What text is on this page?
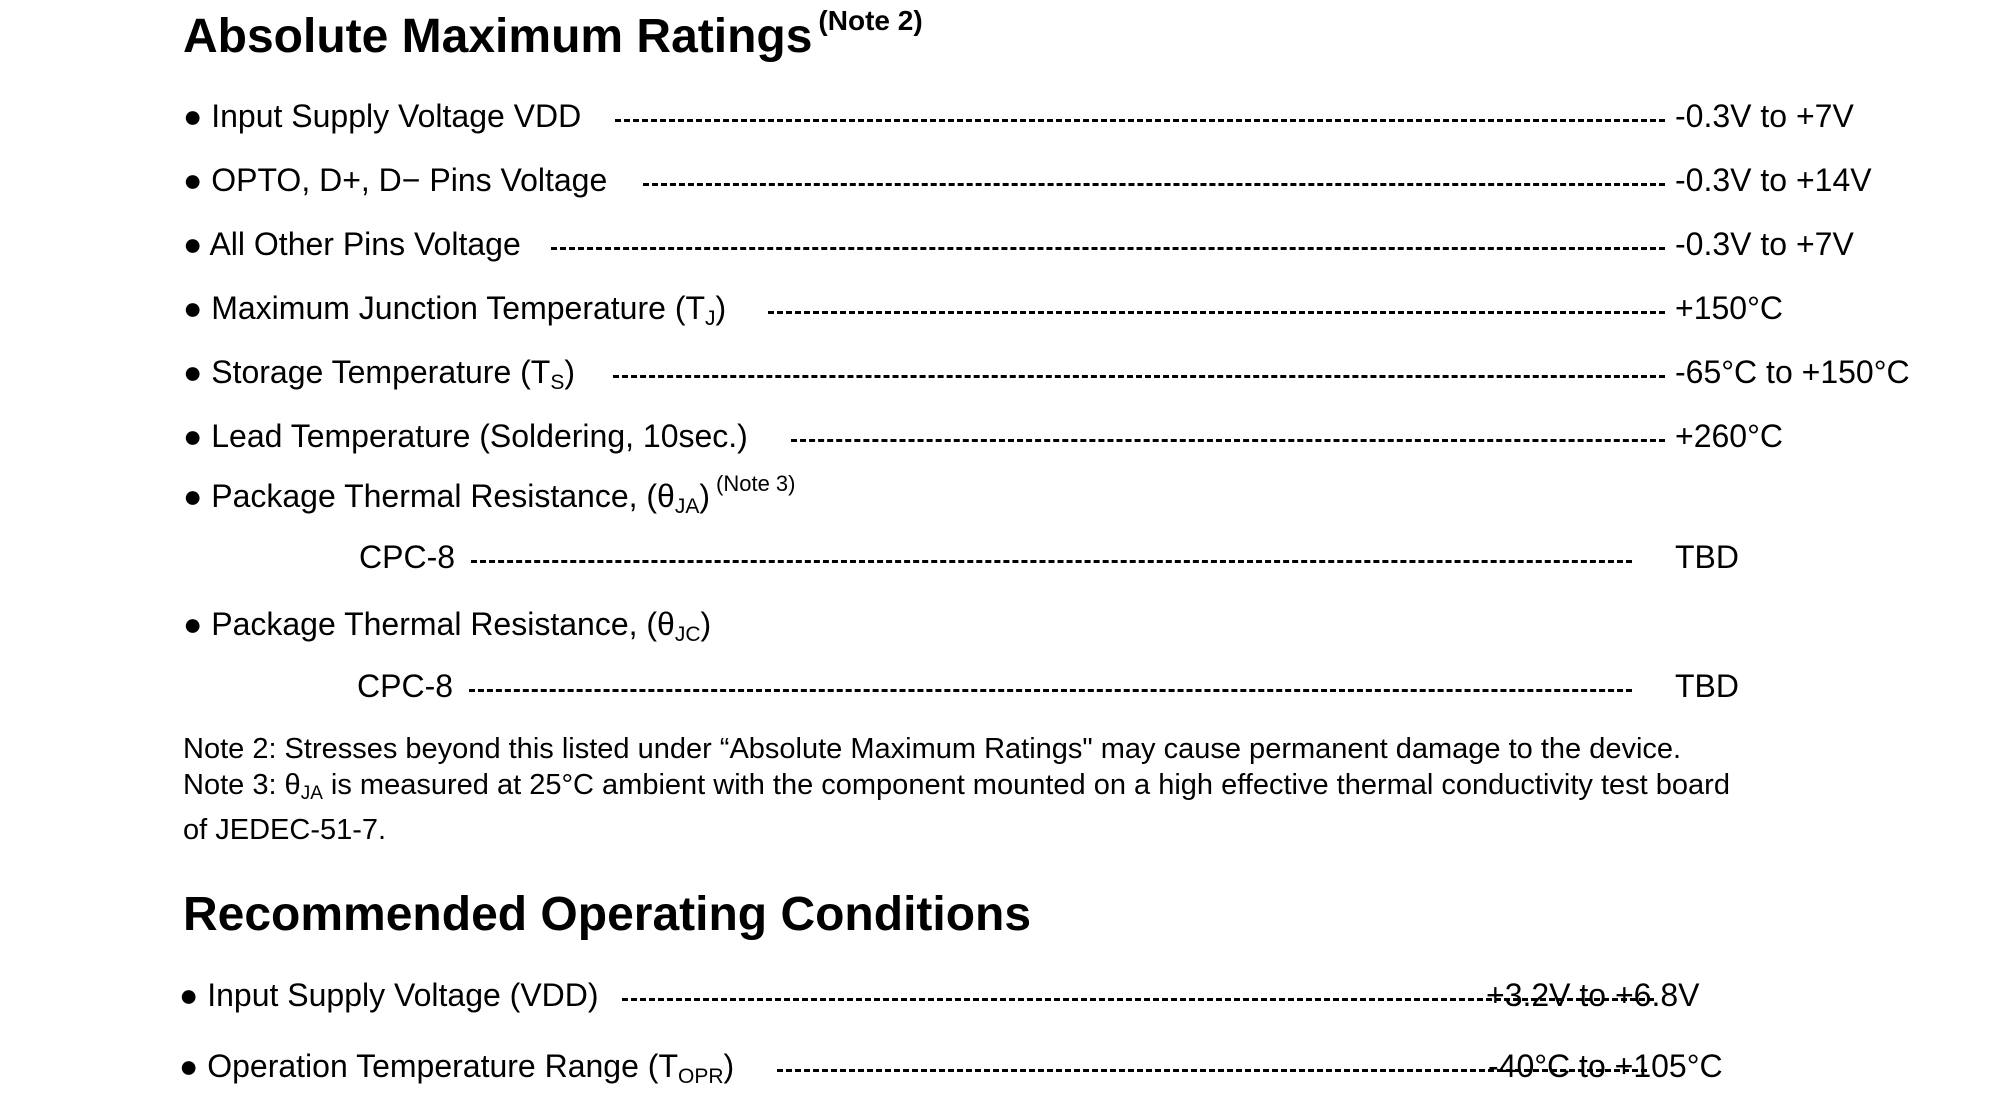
Absolute Maximum Ratings $^{(Note 2)}$
● Input Supply Voltage VDD	-0.3V to +7V
● OPTO, D+, D− Pins Voltage	-0.3V to +14V
● All Other Pins Voltage	-0.3V to +7V
● Maximum Junction Temperature $(T_J)$	+150°C
● Storage Temperature $(T_S)$	-65°C to +150°C
● Lead Temperature (Soldering, 10sec.)	+260°C
● Package Thermal Resistance, $(\theta_{JA})$ $^{(Note 3)}$
CPC-8	TBD
● Package Thermal Resistance, $(\theta_{JC})$
CPC-8	TBD
Note 2: Stresses beyond this listed under “Absolute Maximum Ratings" may cause permanent damage to the device.
Note 3: $\theta_{JA}$ is measured at 25°C ambient with the component mounted on a high effective thermal conductivity test board
of JEDEC-51-7.
Recommended Operating Conditions
● Input Supply Voltage (VDD)	+3.2V to +6.8V
● Operation Temperature Range $(T_{OPR})$	-40°C to +105°C
